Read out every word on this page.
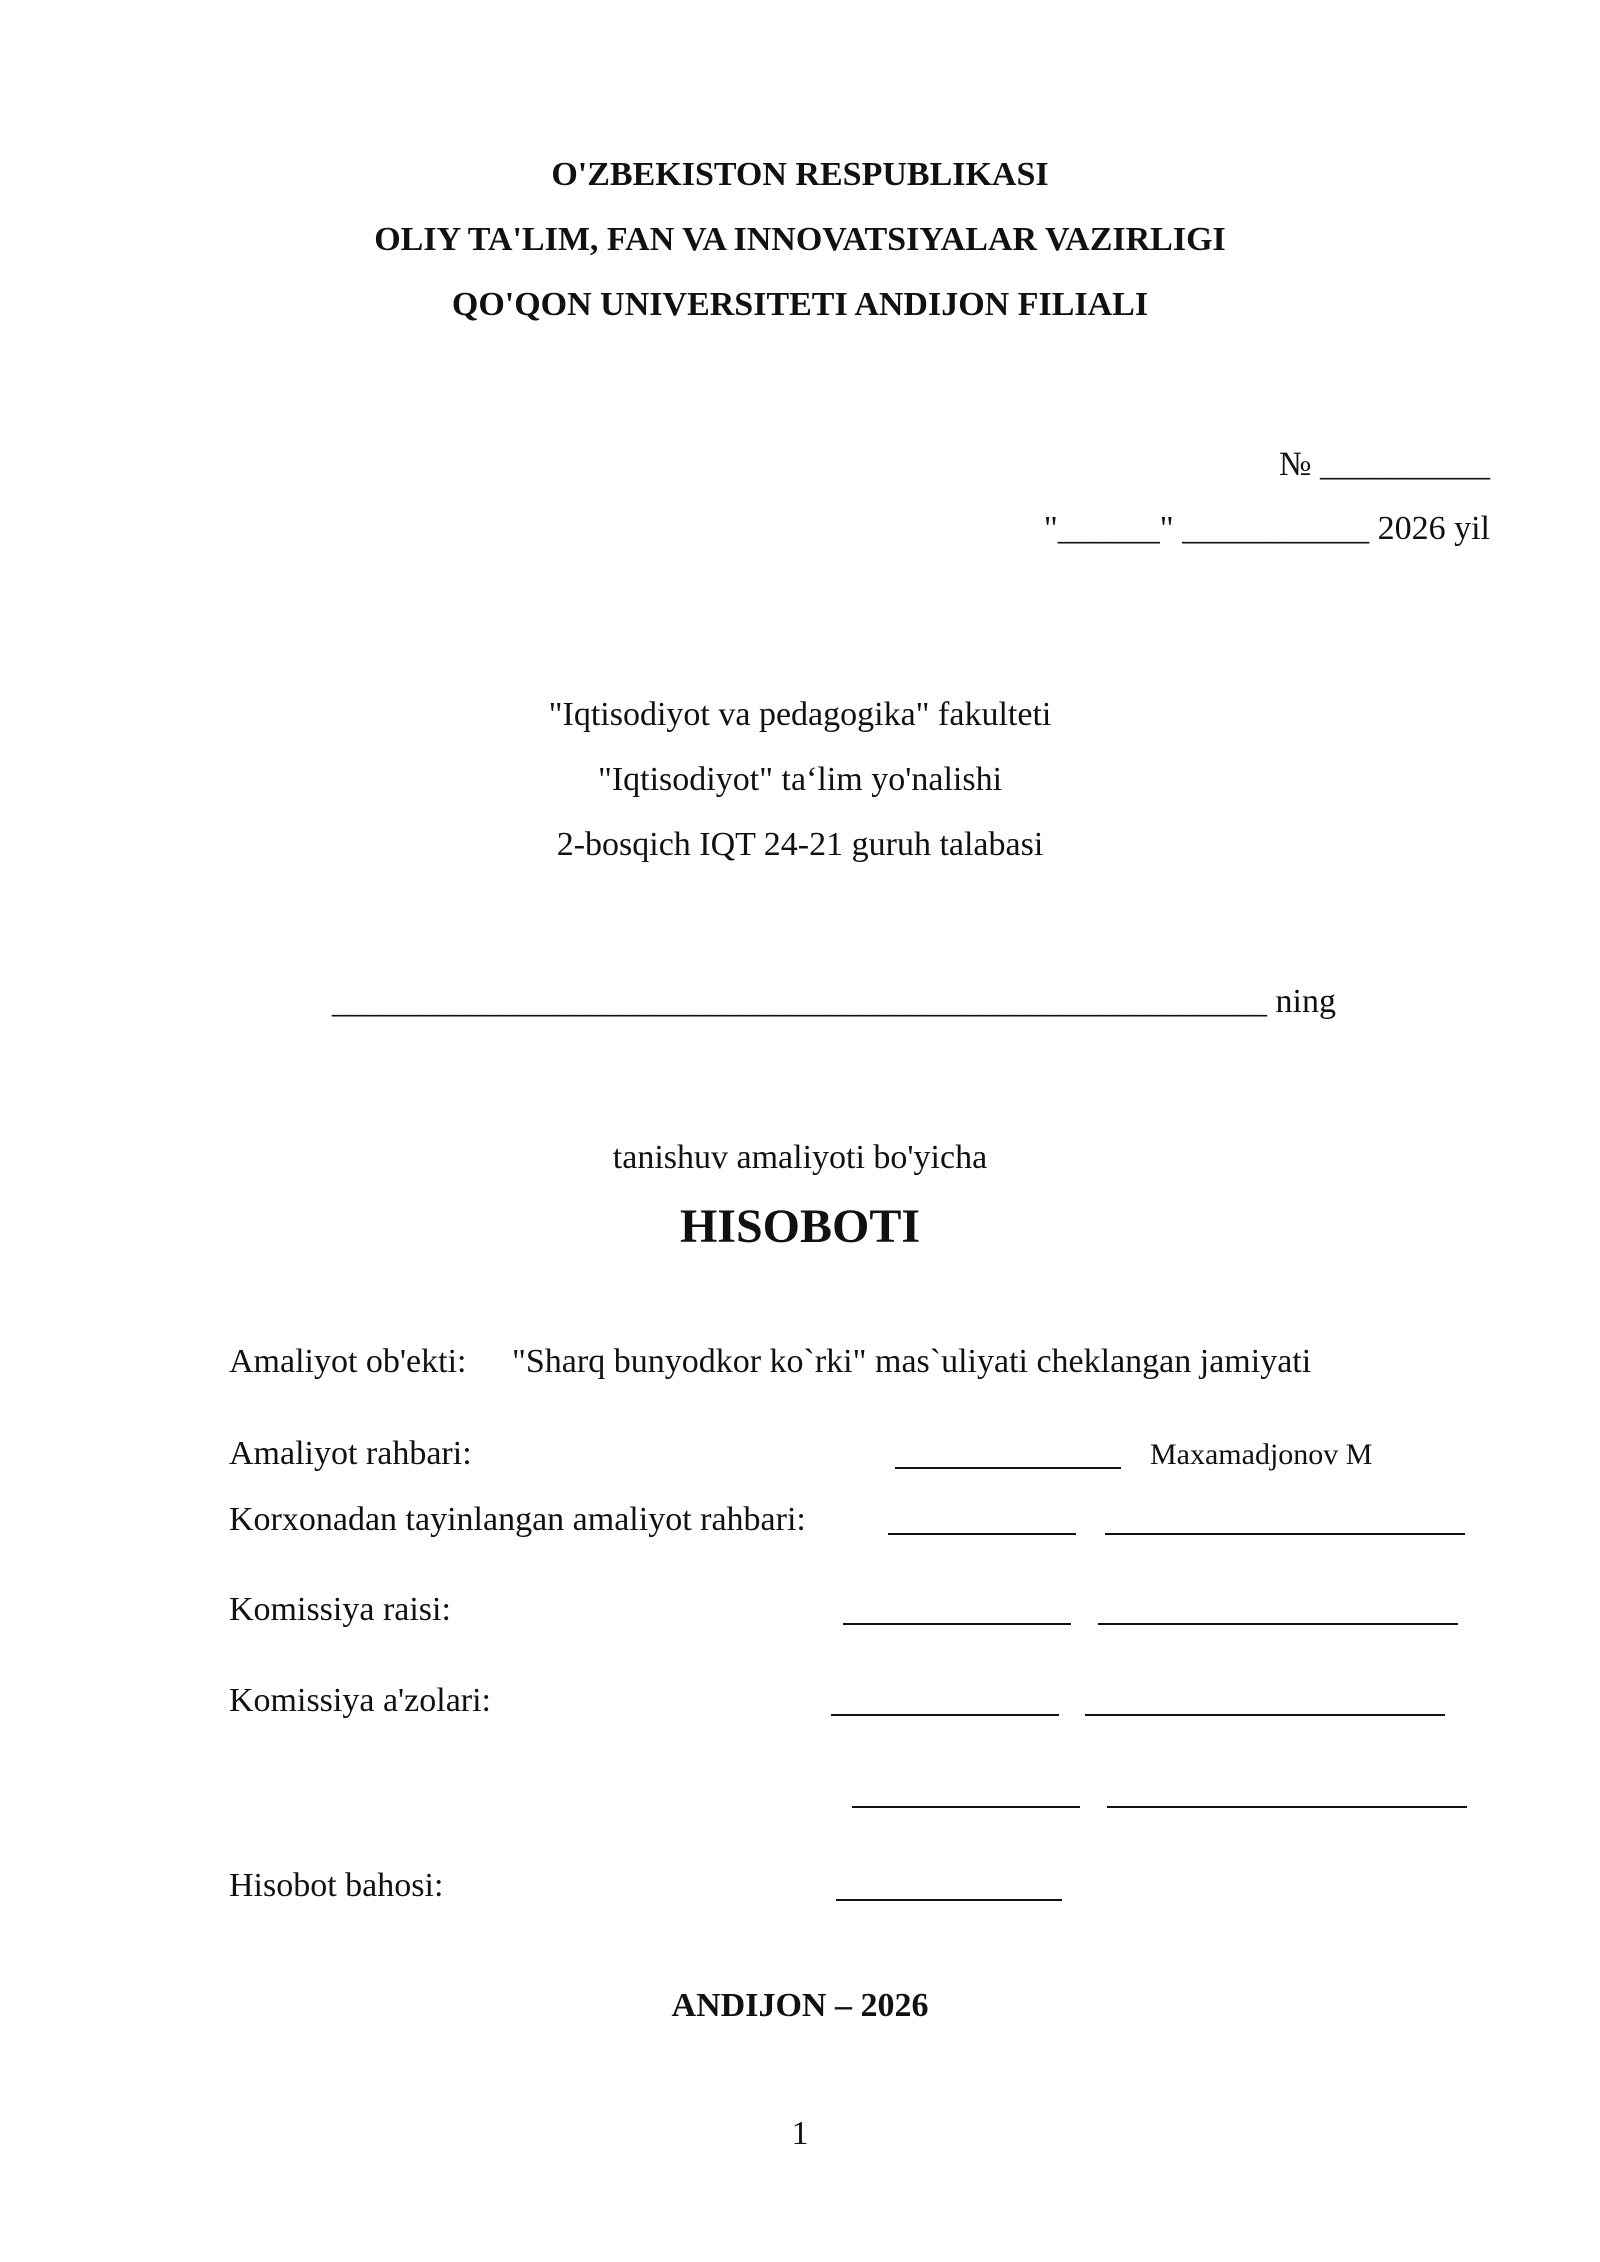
O'ZBEKISTON RESPUBLIKASI
OLIY TA'LIM, FAN VA INNOVATSIYALAR VAZIRLIGI
QO'QON UNIVERSITETI ANDIJON FILIALI
№ __________
"______" ___________ 2026 yil
"Iqtisodiyot va pedagogika" fakulteti
"Iqtisodiyot" ta‘lim yo'nalishi
2-bosqich IQT 24-21 guruh talabasi
_______________________________________________________ ning
tanishuv amaliyoti bo'yicha
HISOBOTI
Amaliyot ob'ekti: "Sharq bunyodkor ko`rki" mas`uliyati cheklangan jamiyati
Amaliyot rahbari:	Maxamadjonov M
Korxonadan tayinlangan amaliyot rahbari:
Komissiya raisi:
Komissiya a'zolari:
Hisobot bahosi:
ANDIJON – 2026
1
